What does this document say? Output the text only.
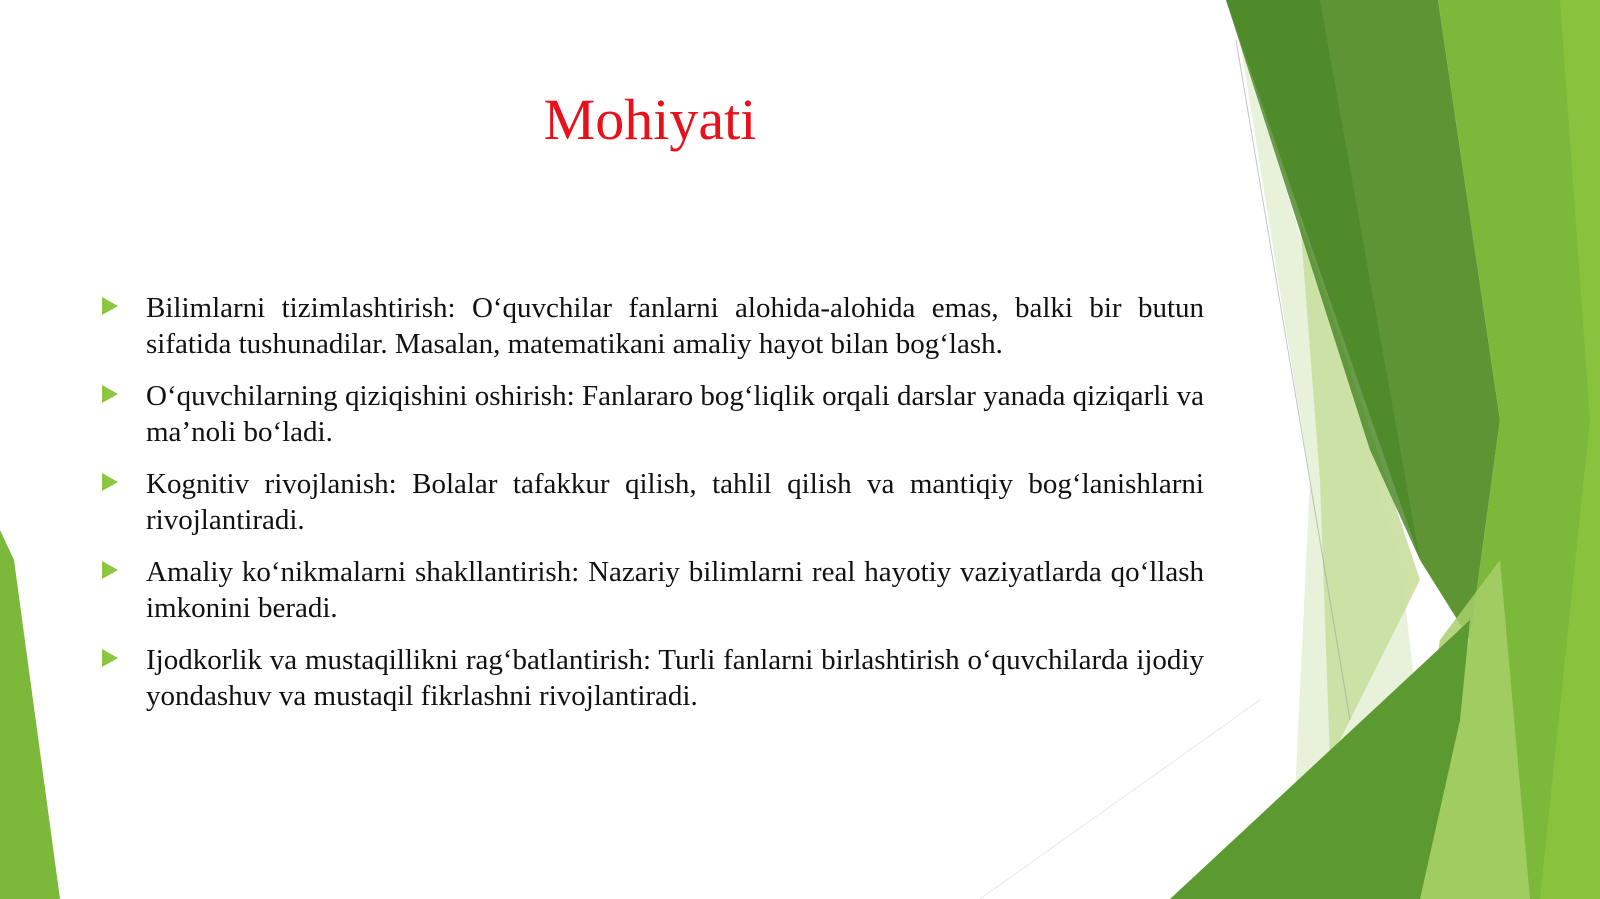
Mohiyati
Bilimlarni tizimlashtirish: O‘quvchilar fanlarni alohida-alohida emas, balki bir butun sifatida tushunadilar. Masalan, matematikani amaliy hayot bilan bog‘lash.
O‘quvchilarning qiziqishini oshirish: Fanlararo bog‘liqlik orqali darslar yanada qiziqarli va ma’noli bo‘ladi.
Kognitiv rivojlanish: Bolalar tafakkur qilish, tahlil qilish va mantiqiy bog‘lanishlarni rivojlantiradi.
Amaliy ko‘nikmalarni shakllantirish: Nazariy bilimlarni real hayotiy vaziyatlarda qo‘llash imkonini beradi.
Ijodkorlik va mustaqillikni rag‘batlantirish: Turli fanlarni birlashtirish o‘quvchilarda ijodiy yondashuv va mustaqil fikrlashni rivojlantiradi.
